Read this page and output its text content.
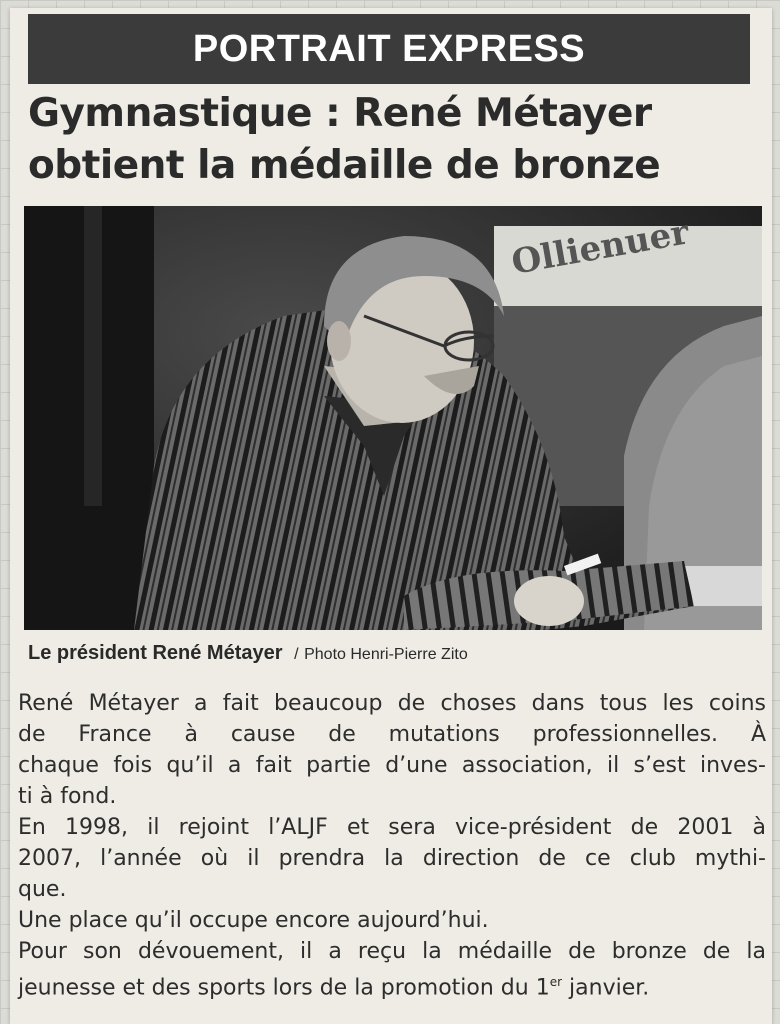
PORTRAIT EXPRESS
Gymnastique : René Métayer
obtient la médaille de bronze
Ollienuer
Le président René Métayer / Photo Henri-Pierre Zito

René Métayer a fait beaucoup de choses dans tous les coins
de France à cause de mutations professionnelles. À
chaque fois qu’il a fait partie d’une association, il s’est inves-
ti à fond.

En 1998, il rejoint l’ALJF et sera vice-président de 2001 à
2007, l’année où il prendra la direction de ce club mythi-
que.

Une place qu’il occupe encore aujourd’hui.

Pour son dévouement, il a reçu la médaille de bronze de la
jeunesse et des sports lors de la promotion du 1er janvier.
